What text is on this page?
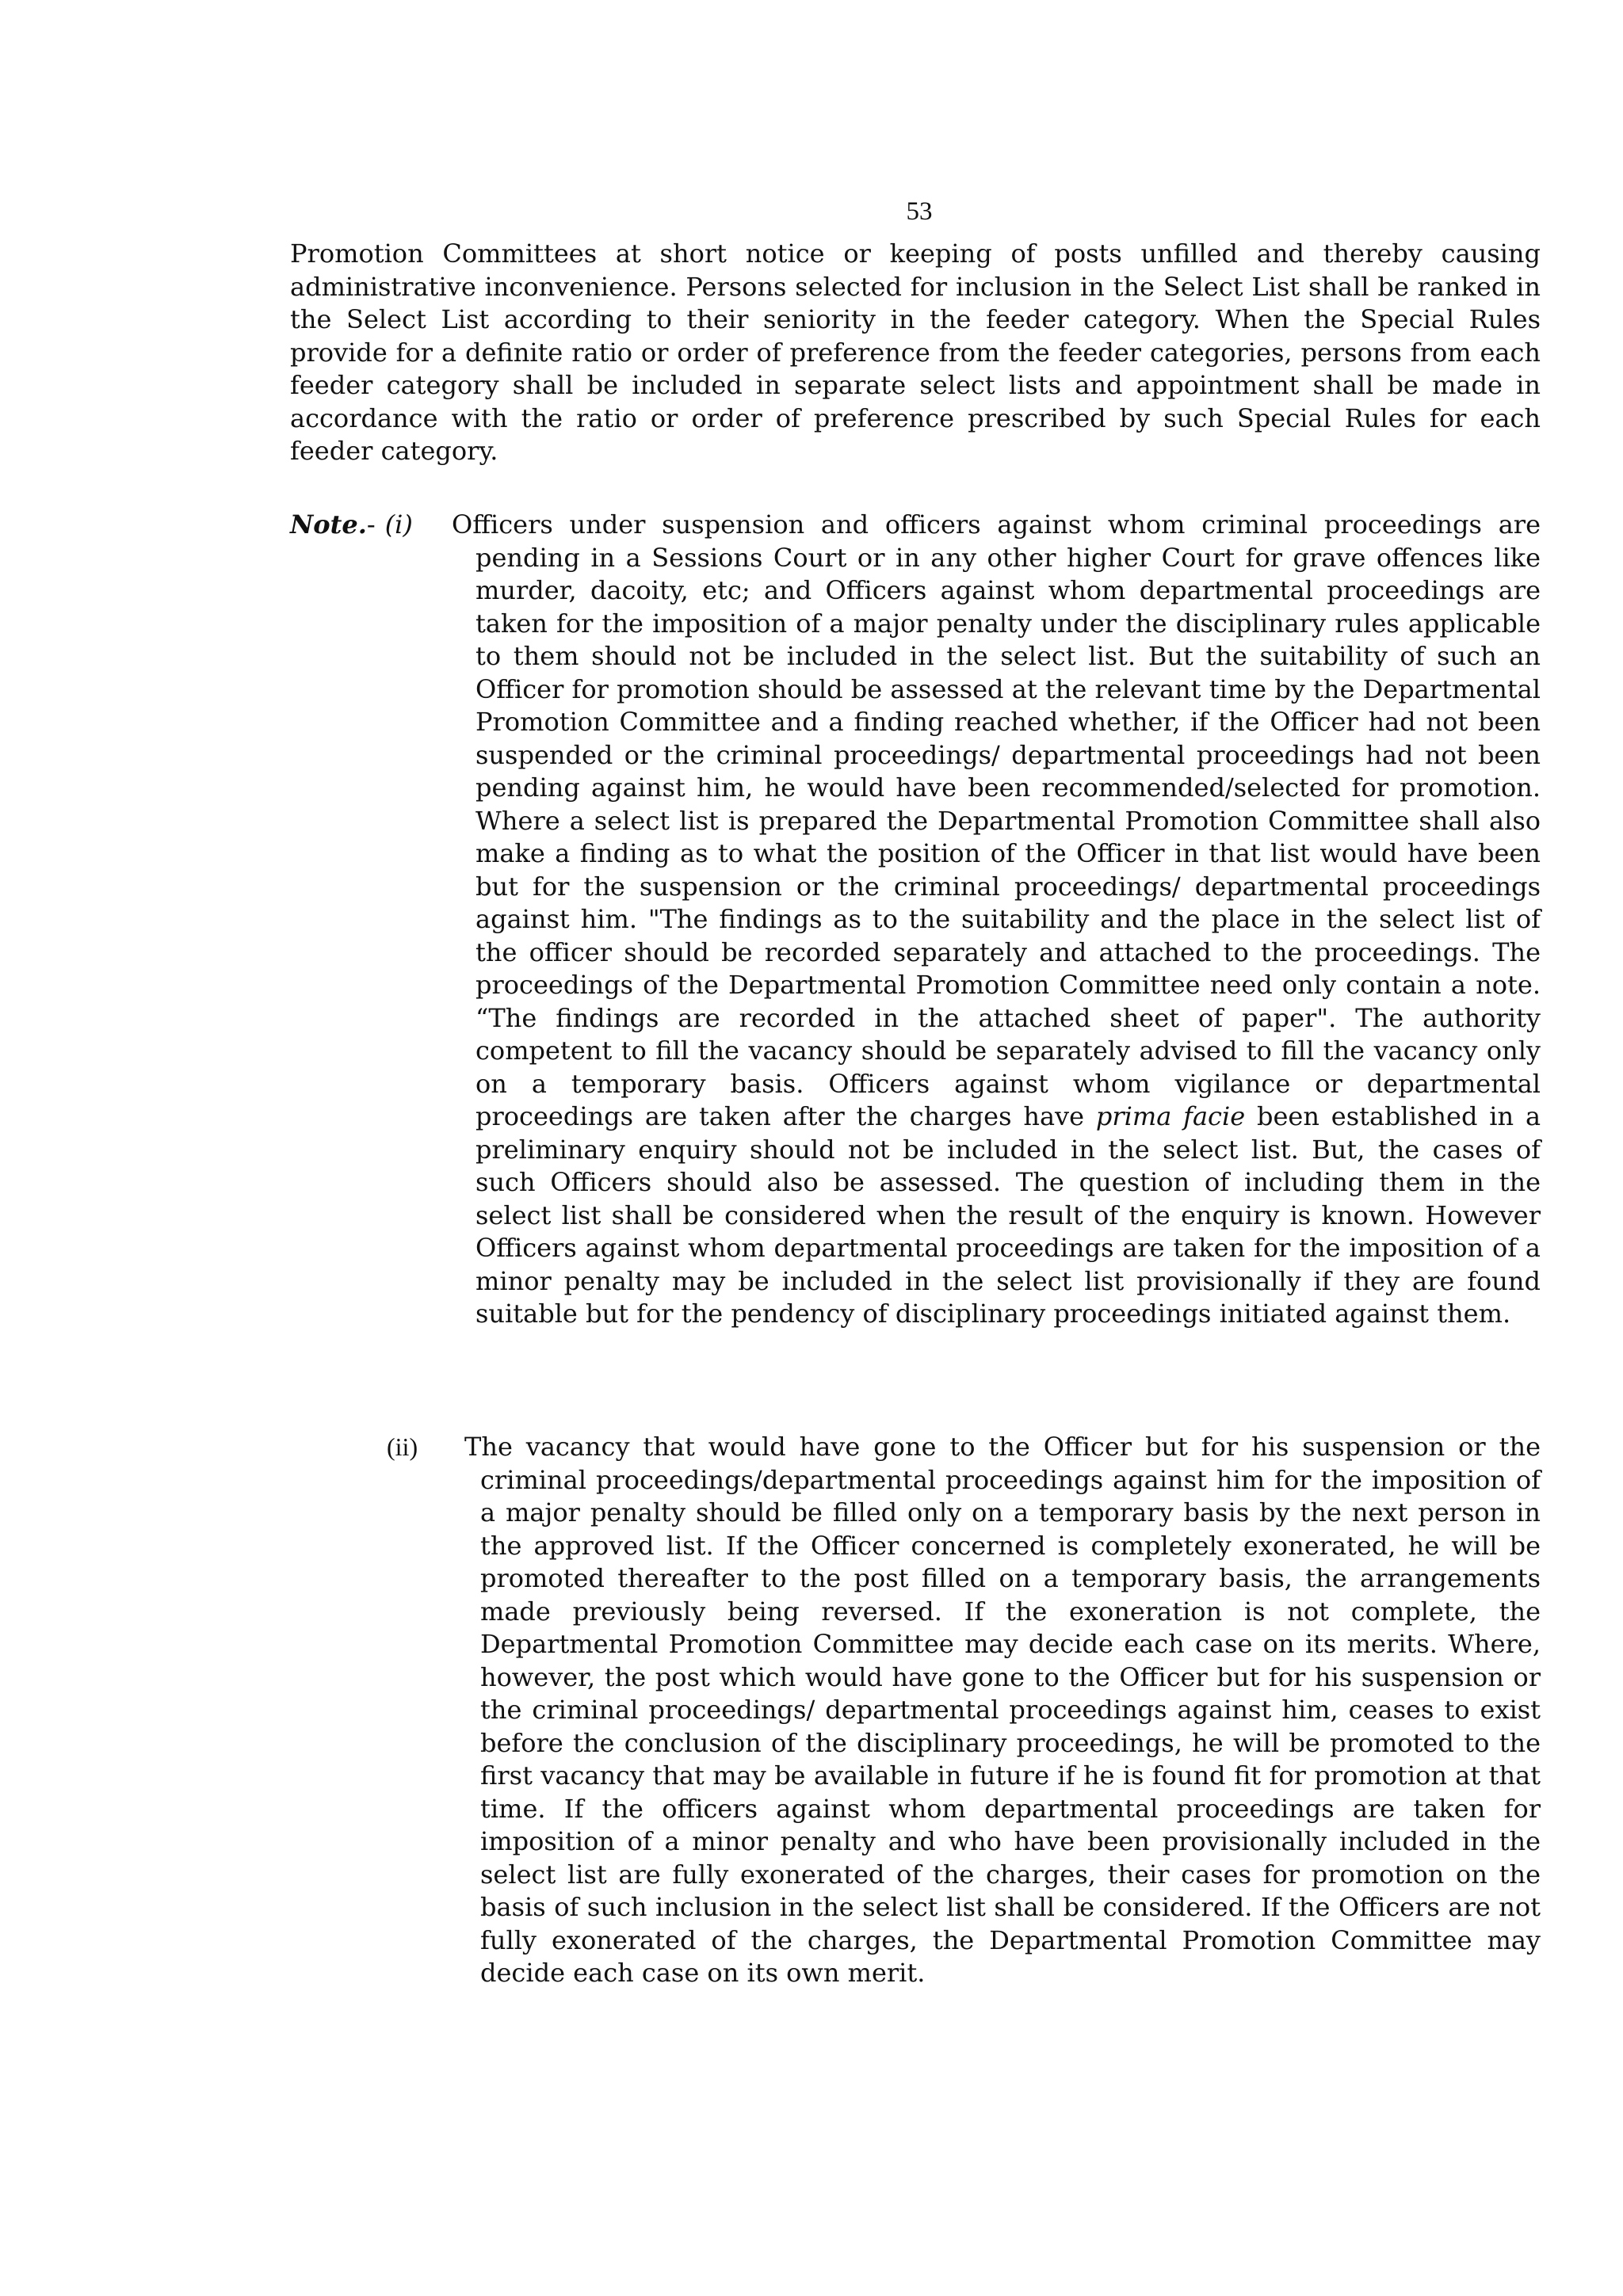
53

Promotion Committees at short notice or keeping of posts unfilled and thereby causing administrative inconvenience. Persons selected for inclusion in the Select List shall be ranked in the Select List according to their seniority in the feeder category. When the Special Rules provide for a definite ratio or order of preference from the feeder categories, persons from each feeder category shall be included in separate select lists and appointment shall be made in accordance with the ratio or order of preference prescribed by such Special Rules for each feeder category.

Note.- (i) Officers under suspension and officers against whom criminal proceedings are pending in a Sessions Court or in any other higher Court for grave offences like murder, dacoity, etc; and Officers against whom departmental proceedings are taken for the imposition of a major penalty under the disciplinary rules applicable to them should not be included in the select list. But the suitability of such an Officer for promotion should be assessed at the relevant time by the Departmental Promotion Committee and a finding reached whether, if the Officer had not been suspended or the criminal proceedings/ departmental proceedings had not been pending against him, he would have been recommended/selected for promotion. Where a select list is prepared the Departmental Promotion Committee shall also make a finding as to what the position of the Officer in that list would have been but for the suspension or the criminal proceedings/ departmental proceedings against him. "The findings as to the suitability and the place in the select list of the officer should be recorded separately and attached to the proceedings. The proceedings of the Departmental Promotion Committee need only contain a note. “The findings are recorded in the attached sheet of paper". The authority competent to fill the vacancy should be separately advised to fill the vacancy only on a temporary basis. Officers against whom vigilance or departmental proceedings are taken after the charges have prima facie been established in a preliminary enquiry should not be included in the select list. But, the cases of such Officers should also be assessed. The question of including them in the select list shall be considered when the result of the enquiry is known. However Officers against whom departmental proceedings are taken for the imposition of a minor penalty may be included in the select list provisionally if they are found suitable but for the pendency of disciplinary proceedings initiated against them.

(ii) The vacancy that would have gone to the Officer but for his suspension or the criminal proceedings/departmental proceedings against him for the imposition of a major penalty should be filled only on a temporary basis by the next person in the approved list. If the Officer concerned is completely exonerated, he will be promoted thereafter to the post filled on a temporary basis, the arrangements made previously being reversed. If the exoneration is not complete, the Departmental Promotion Committee may decide each case on its merits. Where, however, the post which would have gone to the Officer but for his suspension or the criminal proceedings/ departmental proceedings against him, ceases to exist before the conclusion of the disciplinary proceedings, he will be promoted to the first vacancy that may be available in future if he is found fit for promotion at that time. If the officers against whom departmental proceedings are taken for imposition of a minor penalty and who have been provisionally included in the select list are fully exonerated of the charges, their cases for promotion on the basis of such inclusion in the select list shall be considered. If the Officers are not fully exonerated of the charges, the Departmental Promotion Committee may decide each case on its own merit.
